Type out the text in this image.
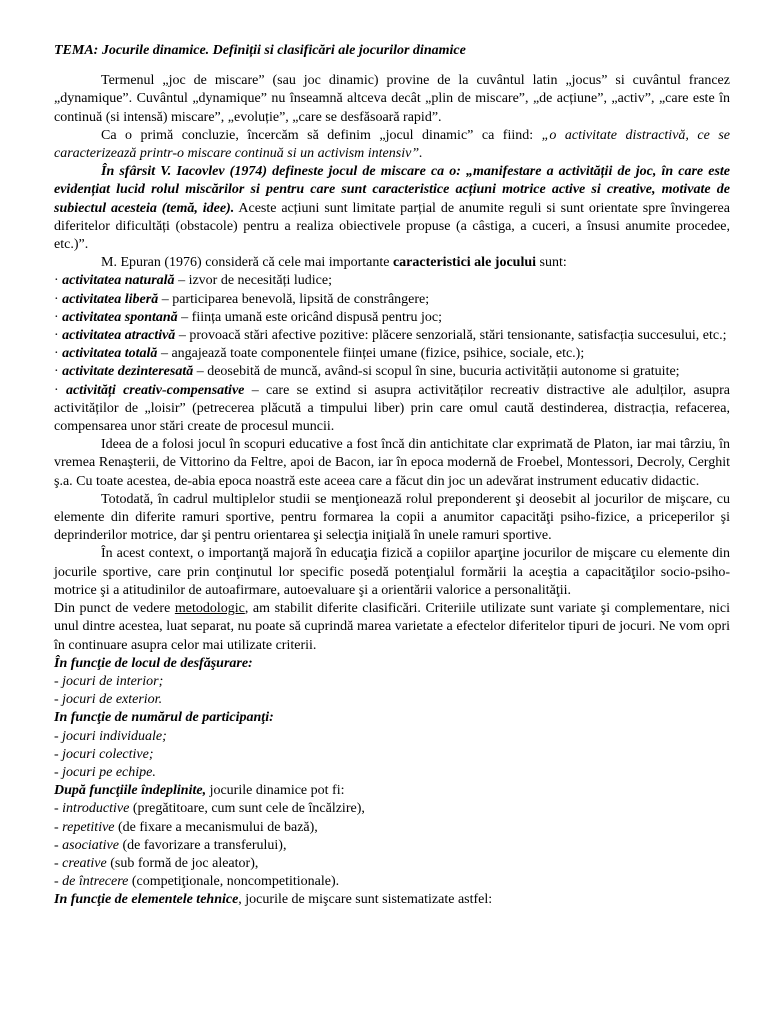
TEMA: Jocurile dinamice. Definiții si clasificări ale jocurilor dinamice

Termenul „joc de miscare” (sau joc dinamic) provine de la cuvântul latin „jocus” si cuvântul francez „dynamique”. Cuvântul „dynamique” nu înseamnă altceva decât „plin de miscare”, „de acțiune”, „activ”, „care este în continuă (si intensă) miscare”, „evoluție”, „care se desfăsoară rapid”.

Ca o primă concluzie, încercăm să definim „jocul dinamic” ca fiind: „o activitate distractivă, ce se caracterizează printr-o miscare continuă si un activism intensiv”.

În sfârsit V. Iacovlev (1974) defineste jocul de miscare ca o: „manifestare a activității de joc, în care este evidențiat lucid rolul miscărilor si pentru care sunt caracteristice acțiuni motrice active si creative, motivate de subiectul acesteia (temă, idee). Aceste acțiuni sunt limitate parțial de anumite reguli si sunt orientate spre învingerea diferitelor dificultăți (obstacole) pentru a realiza obiectivele propuse (a câstiga, a cuceri, a însusi anumite procedee, etc.)”.

M. Epuran (1976) consideră că cele mai importante caracteristici ale jocului sunt:

· activitatea naturală – izvor de necesități ludice;

· activitatea liberă – participarea benevolă, lipsită de constrângere;

· activitatea spontană – ființa umană este oricând dispusă pentru joc;

· activitatea atractivă – provoacă stări afective pozitive: plăcere senzorială, stări tensionante, satisfacția succesului, etc.;

· activitatea totală – angajează toate componentele ființei umane (fizice, psihice, sociale, etc.);

· activitate dezinteresată – deosebită de muncă, având-si scopul în sine, bucuria activității autonome si gratuite;

· activități creativ-compensative – care se extind si asupra activităților recreativ distractive ale adulților, asupra activităților de „loisir” (petrecerea plăcută a timpului liber) prin care omul caută destinderea, distracția, refacerea, compensarea unor stări create de procesul muncii.

Ideea de a folosi jocul în scopuri educative a fost încă din antichitate clar exprimată de Platon, iar mai târziu, în vremea Renaşterii, de Vittorino da Feltre, apoi de Bacon, iar în epoca modernă de Froebel, Montessori, Decroly, Cerghit ş.a. Cu toate acestea, de-abia epoca noastră este aceea care a făcut din joc un adevărat instrument educativ didactic.

Totodată, în cadrul multiplelor studii se menţionează rolul preponderent şi deosebit al jocurilor de mişcare, cu elemente din diferite ramuri sportive, pentru formarea la copii a anumitor capacităţi psiho-fizice, a priceperilor şi deprinderilor motrice, dar şi pentru orientarea şi selecţia iniţială în unele ramuri sportive.

În acest context, o importanţă majoră în educaţia fizică a copiilor aparţine jocurilor de mişcare cu elemente din jocurile sportive, care prin conţinutul lor specific posedă potenţialul formării la aceştia a capacităţilor socio-psiho-motrice şi a atitudinilor de autoafirmare, autoevaluare şi a orientării valorice a personalităţii.

Din punct de vedere metodologic, am stabilit diferite clasificări. Criteriile utilizate sunt variate şi complementare, nici unul dintre acestea, luat separat, nu poate să cuprindă marea varietate a efectelor diferitelor tipuri de jocuri. Ne vom opri în continuare asupra celor mai utilizate criterii.

În funcţie de locul de desfăşurare:

- jocuri de interior;

- jocuri de exterior.

In funcţie de numărul de participanţi:

- jocuri individuale;

- jocuri colective;

- jocuri pe echipe.

După funcţiile îndeplinite, jocurile dinamice pot fi:

- introductive (pregătitoare, cum sunt cele de încălzire),

- repetitive (de fixare a mecanismului de bază),

- asociative (de favorizare a transferului),

- creative (sub formă de joc aleator),

- de întrecere (competiţionale, noncompetitionale).

In funcţie de elementele tehnice, jocurile de mişcare sunt sistematizate astfel:
